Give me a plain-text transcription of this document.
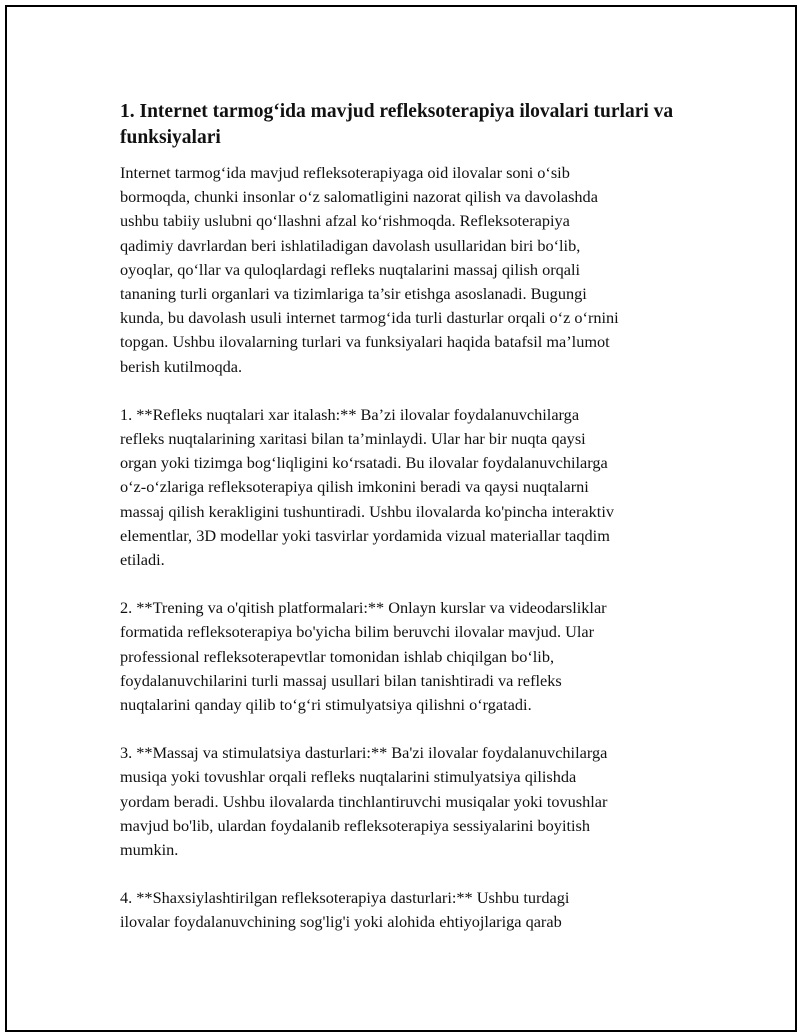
1. Internet tarmog‘ida mavjud refleksoterapiya ilovalari turlari va funksiyalari

Internet tarmog‘ida mavjud refleksoterapiyaga oid ilovalar soni o‘sib
bormoqda, chunki insonlar o‘z salomatligini nazorat qilish va davolashda
ushbu tabiiy uslubni qo‘llashni afzal ko‘rishmoqda. Refleksoterapiya
qadimiy davrlardan beri ishlatiladigan davolash usullaridan biri bo‘lib,
oyoqlar, qo‘llar va quloqlardagi refleks nuqtalarini massaj qilish orqali
tananing turli organlari va tizimlariga ta’sir etishga asoslanadi. Bugungi
kunda, bu davolash usuli internet tarmog‘ida turli dasturlar orqali o‘z o‘rnini
topgan. Ushbu ilovalarning turlari va funksiyalari haqida batafsil ma’lumot
berish kutilmoqda.

1. **Refleks nuqtalari xar italash:** Ba’zi ilovalar foydalanuvchilarga
refleks nuqtalarining xaritasi bilan ta’minlaydi. Ular har bir nuqta qaysi
organ yoki tizimga bog‘liqligini ko‘rsatadi. Bu ilovalar foydalanuvchilarga
o‘z-o‘zlariga refleksoterapiya qilish imkonini beradi va qaysi nuqtalarni
massaj qilish kerakligini tushuntiradi. Ushbu ilovalarda ko'pincha interaktiv
elementlar, 3D modellar yoki tasvirlar yordamida vizual materiallar taqdim
etiladi.

2. **Trening va o'qitish platformalari:** Onlayn kurslar va videodarsliklar
formatida refleksoterapiya bo'yicha bilim beruvchi ilovalar mavjud. Ular
professional refleksoterapevtlar tomonidan ishlab chiqilgan bo‘lib,
foydalanuvchilarini turli massaj usullari bilan tanishtiradi va refleks
nuqtalarini qanday qilib to‘g‘ri stimulyatsiya qilishni o‘rgatadi.

3. **Massaj va stimulatsiya dasturlari:** Ba'zi ilovalar foydalanuvchilarga
musiqa yoki tovushlar orqali refleks nuqtalarini stimulyatsiya qilishda
yordam beradi. Ushbu ilovalarda tinchlantiruvchi musiqalar yoki tovushlar
mavjud bo'lib, ulardan foydalanib refleksoterapiya sessiyalarini boyitish
mumkin.

4. **Shaxsiylashtirilgan refleksoterapiya dasturlari:** Ushbu turdagi
ilovalar foydalanuvchining sog'lig'i yoki alohida ehtiyojlariga qarab
